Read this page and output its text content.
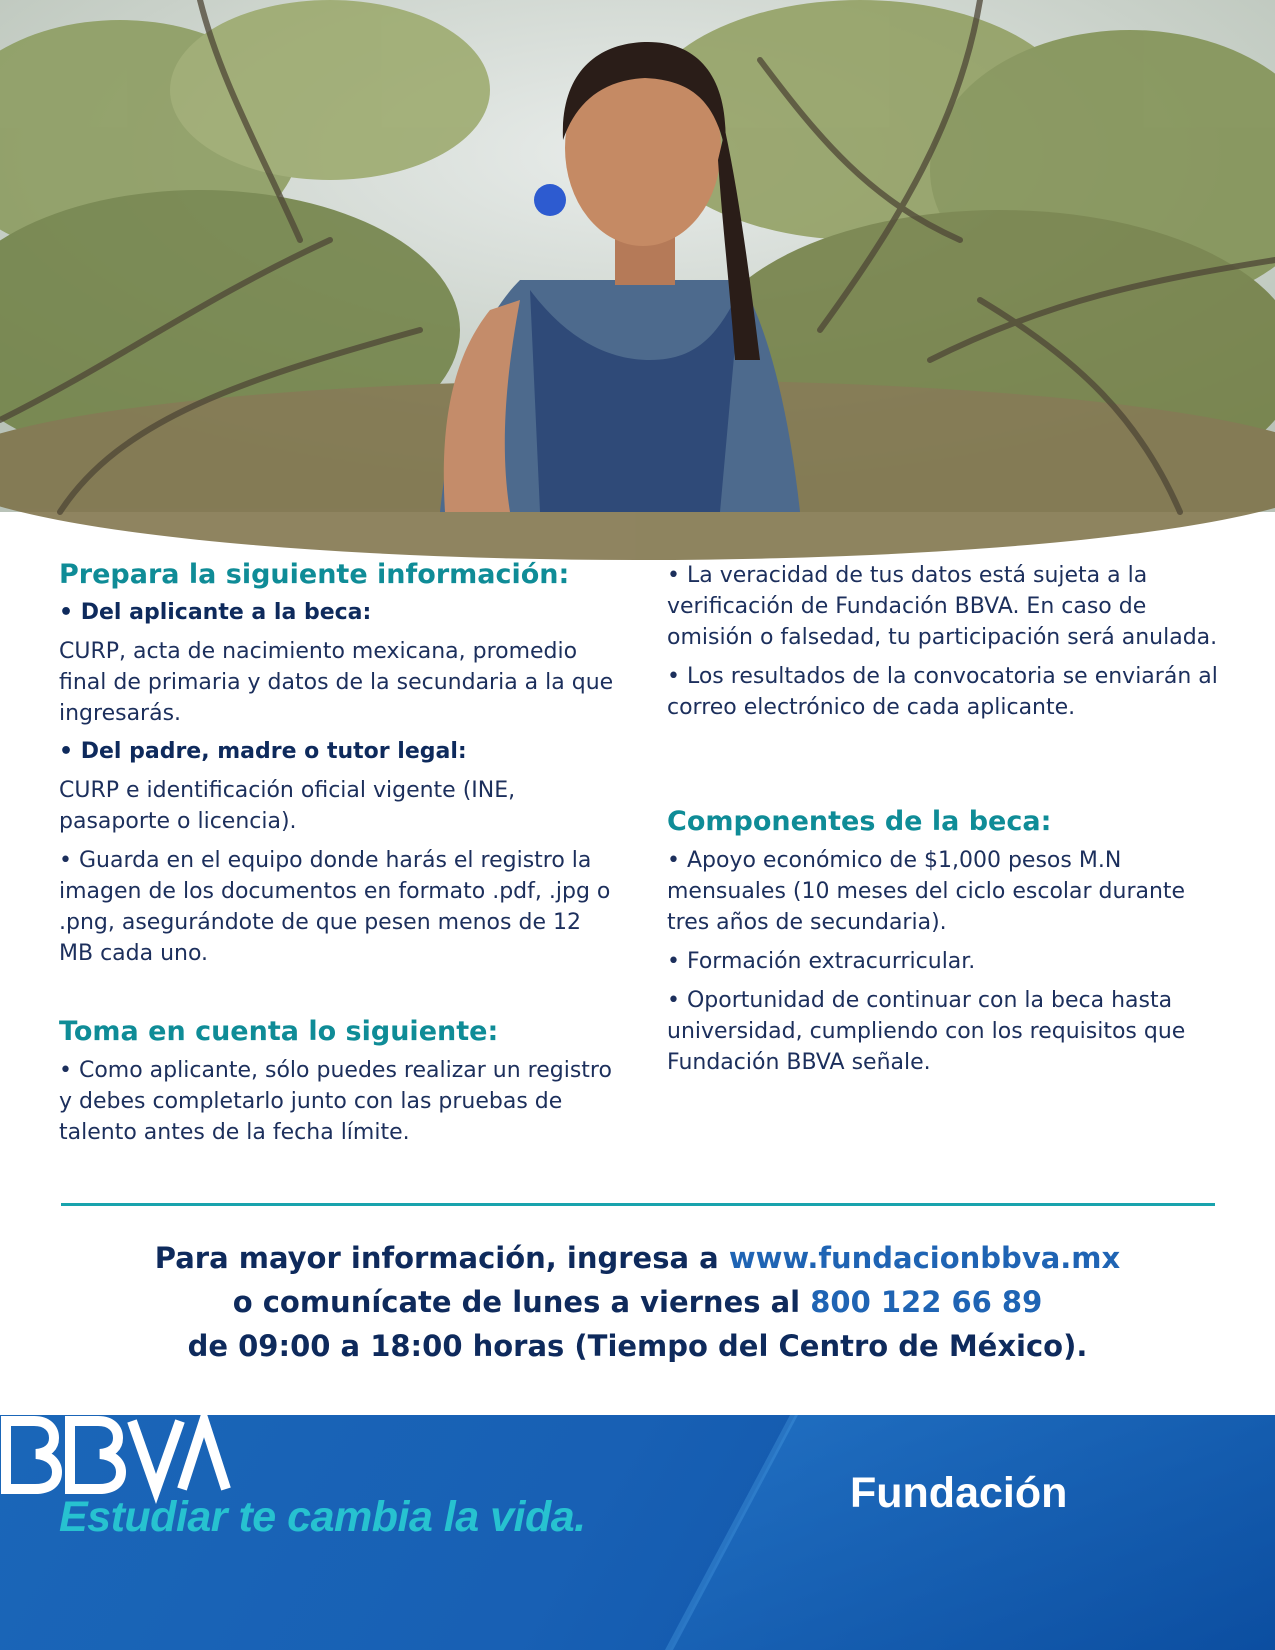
Prepara la siguiente información:

• Del aplicante a la beca:

CURP, acta de nacimiento mexicana, promedio final de primaria y datos de la secundaria a la que ingresarás.

• Del padre, madre o tutor legal:

CURP e identificación oficial vigente (INE, pasaporte o licencia).

• Guarda en el equipo donde harás el registro la imagen de los documentos en formato .pdf, .jpg o .png, asegurándote de que pesen menos de 12 MB cada uno.

Toma en cuenta lo siguiente:

• Como aplicante, sólo puedes realizar un registro y debes completarlo junto con las pruebas de talento antes de la fecha límite.

• La veracidad de tus datos está sujeta a la verificación de Fundación BBVA. En caso de omisión o falsedad, tu participación será anulada.

• Los resultados de la convocatoria se enviarán al correo electrónico de cada aplicante.

Componentes de la beca:

• Apoyo económico de $1,000 pesos M.N mensuales (10 meses del ciclo escolar durante tres años de secundaria).

• Formación extracurricular.

• Oportunidad de continuar con la beca hasta universidad, cumpliendo con los requisitos que Fundación BBVA señale.

Para mayor información, ingresa a www.fundacionbbva.mx
o comunícate de lunes a viernes al 800 122 66 89
de 09:00 a 18:00 horas (Tiempo del Centro de México).
Estudiar te cambia la vida.	Fundación
BBVA
